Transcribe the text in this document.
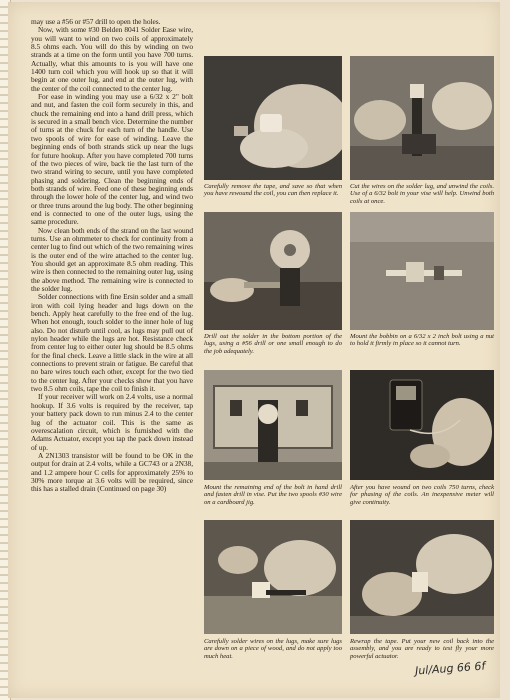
may use a #56 or #57 drill to open the holes.

Now, with some #30 Belden 8041 Solder Ease wire, you will want to wind on two coils of approximately 8.5 ohms each. You will do this by winding on two strands at a time on the form until you have 700 turns. Actually, what this amounts to is you will have one 1400 turn coil which you will hook up so that it will begin at one outer lug, and end at the outer lug, with the center of the coil connected to the center lug.

For ease in winding you may use a 6/32 x 2" bolt and nut, and fasten the coil form securely in this, and chuck the remaining end into a hand drill press, which is secured in a small bench vice. Determine the number of turns at the chuck for each turn of the handle. Use two spools of wire for ease of winding. Leave the beginning ends of both strands stick up near the lugs for future hookup. After you have completed 700 turns of the two pieces of wire, back tie the last turn of the two strand wiring to secure, until you have completed phasing and soldering. Clean the beginning ends of both strands of wire. Feed one of these beginning ends through the lower hole of the center lug, and wind two or three truns around the lug body. The other beginning end is connected to one of the outer lugs, using the same procedure.

Now clean both ends of the strand on the last wound turns. Use an ohmmeter to check for continuity from a center lug to find out which of the two remaining wires is the outer end of the wire attached to the center lug. You should get an approximate 8.5 ohm reading. This wire is then connected to the remaining outer lug, using the above method. The remaining wire is connected to the solder lug.

Solder connections with fine Ersin solder and a small iron with coil lying header and lugs down on the bench. Apply heat carefully to the free end of the lug. When hot enough, touch solder to the inner hole of lug also. Do not disturb until cool, as lugs may pull out of nylon header while the lugs are hot. Resistance check from center lug to either outer lug should be 8.5 ohms for the final check. Leave a little slack in the wire at all connections to prevent strain or fatigue. Be careful that no bare wires touch each other, except for the two tied to the center lug. After your checks show that you have two 8.5 ohm coils, tape the coil to finish it.

If your receiver will work on 2.4 volts, use a normal hookup. If 3.6 volts is required by the receiver, tap your battery pack down to run minus 2.4 to the center lug of the actuator coil. This is the same as overescalation circuit, which is furnished with the Adams Actuator, except you tap the pack down instead of up.

A 2N1303 transistor will be found to be OK in the output for drain at 2.4 volts, while a GC743 or a 2N38, and 1.2 ampere hour C cells for approximately 25% to 30% more torque at 3.6 volts will be required, since this has a stalled drain (Continued on page 30)

Carefully remove the tape, and save so that when you have rewound the coil, you can then replace it.
Cut the wires on the solder lug, and unwind the coils. Use of a 6/32 bolt in your vise will help. Unwind both coils at once.
Drill out the solder in the bottom portion of the lugs, using a #56 drill or one small enough to do the job adequately.
Mount the bobbin on a 6/32 x 2 inch bolt using a nut to hold it firmly in place so it cannot turn.
Mount the remaining end of the bolt in hand drill and fasten drill in vise. Put the two spools #30 wire on a cardboard jig.
After you have wound on two coils 750 turns, check for phasing of the coils. An inexpensive meter will give continuity.
Carefully solder wires on the lugs, make sure lugs are down on a piece of wood, and do not apply too much heat.
Rewrap the tape. Put your new coil back into the assembly, and you are ready to test fly your more powerful actuator.
Jul/Aug 66 6f
